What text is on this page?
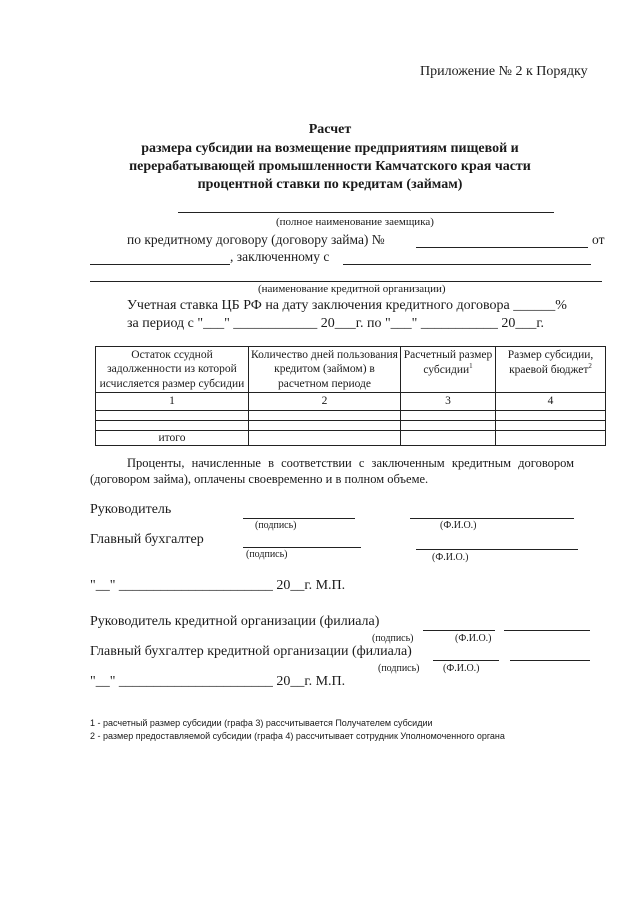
Приложение № 2 к Порядку
Расчет
размера субсидии на возмещение предприятиям пищевой и
перерабатывающей промышленности Камчатского края части
процентной ставки по кредитам (займам)
(полное наименование заемщика)
по кредитному договору (договору займа) №	от
, заключенному с
(наименование кредитной организации)
Учетная ставка ЦБ РФ на дату заключения кредитного договора ______%
за период с "___" ____________ 20___г. по "___" ___________ 20___г.
Остаток ссудной задолженности из которой исчисляется размер субсидии	Количество дней пользования кредитом (займом) в расчетном периоде	Расчетный размер субсидии$^1$	Размер субсидии, краевой бюджет$^2$
1	2	3	4

итого			
Проценты, начисленные в соответствии с заключенным кредитным договором
(договором займа), оплачены своевременно и в полном объеме.
Руководитель
(подпись)	(Ф.И.О.)
Главный бухгалтер
(подпись)	(Ф.И.О.)
"__" ______________________ 20__г. М.П.
Руководитель кредитной организации (филиала)
(подпись)	(Ф.И.О.)
Главный бухгалтер кредитной организации (филиала)
(подпись) (Ф.И.О.)
"__" ______________________ 20__г. М.П.
1 - расчетный размер субсидии (графа 3) рассчитывается Получателем субсидии
2 - размер предоставляемой субсидии (графа 4) рассчитывает сотрудник Уполномоченного органа
